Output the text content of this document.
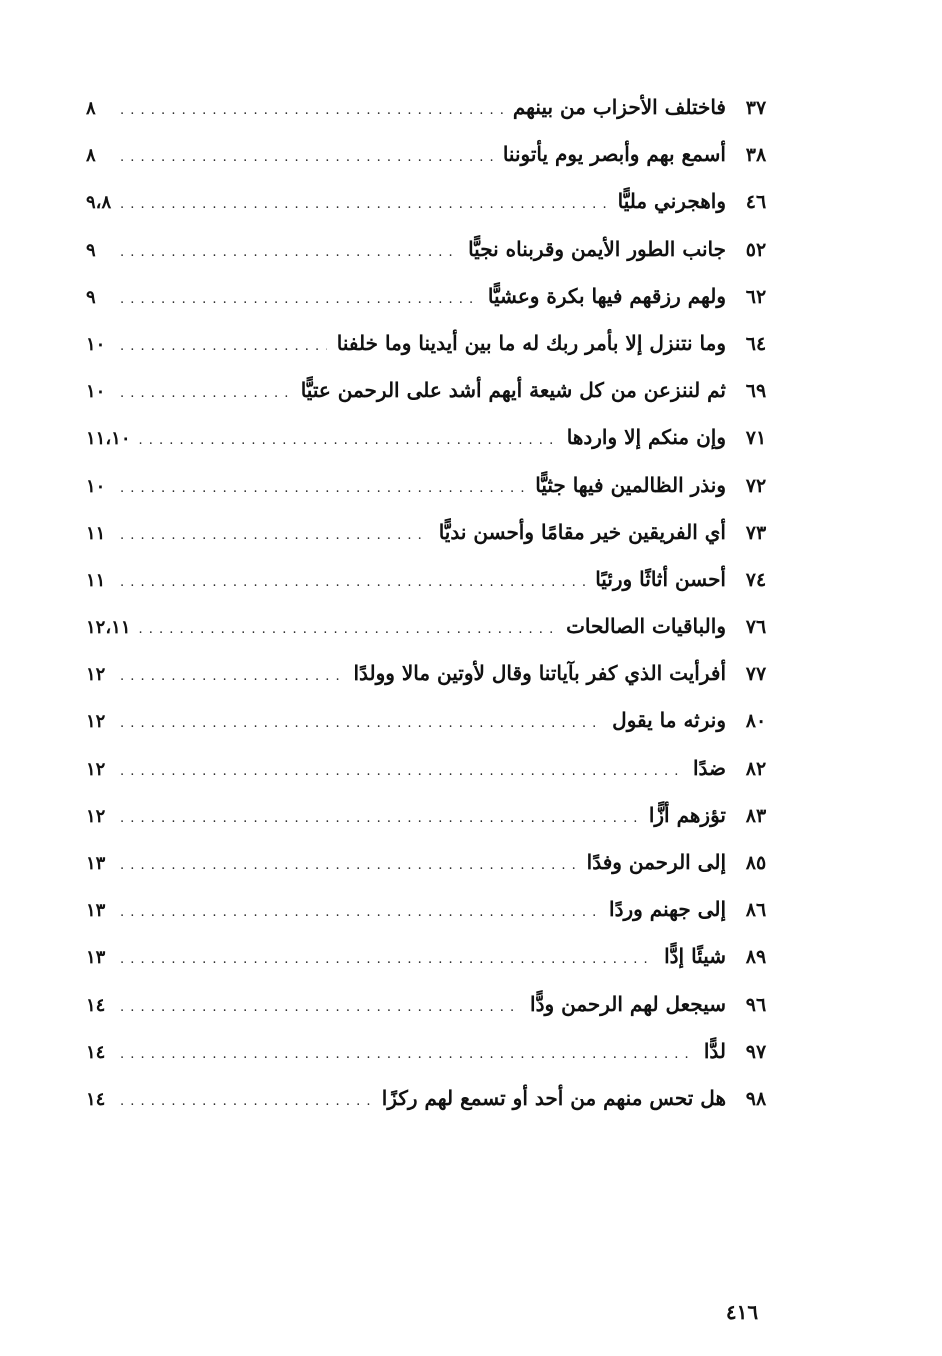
٣٧
فاختلف الأحزاب من بينهم
. . .
٨
٣٨
أسمع بهم وأبصر يوم يأتوننا
. . .
٨
٤٦
واهجرني مليًّا
. . .
٩،٨
٥٢
جانب الطور الأيمن وقربناه نجيًّا
. . .
٩
٦٢
ولهم رزقهم فيها بكرة وعشيًّا
. . .
٩
٦٤
وما نتنزل إلا بأمر ربك له ما بين أيدينا وما خلفنا
. . .
١٠
٦٩
ثم لننزعن من كل شيعة أيهم أشد على الرحمن عتيًّا
. . .
١٠
٧١
وإن منكم إلا واردها
. . .
١١،١٠
٧٢
ونذر الظالمين فيها جثيًّا
. . .
١٠
٧٣
أي الفريقين خير مقامًا وأحسن نديًّا
. . .
١١
٧٤
أحسن أثاثًا ورئيًا
. . .
١١
٧٦
والباقيات الصالحات
. . .
١٢،١١
٧٧
أفرأيت الذي كفر بآياتنا وقال لأوتين مالا وولدًا
. . .
١٢
٨٠
ونرثه ما يقول
. . .
١٢
٨٢
ضدًا
. . .
١٢
٨٣
تؤزهم أزًّا
. . .
١٢
٨٥
إلى الرحمن وفدًا
. . .
١٣
٨٦
إلى جهنم وردًا
. . .
١٣
٨٩
شيئًا إدًّا
. . .
١٣
٩٦
سيجعل لهم الرحمن ودًّا
. . .
١٤
٩٧
لدًّا
. . .
١٤
٩٨
هل تحس منهم من أحد أو تسمع لهم ركزًا
. . .
١٤
٤١٦
